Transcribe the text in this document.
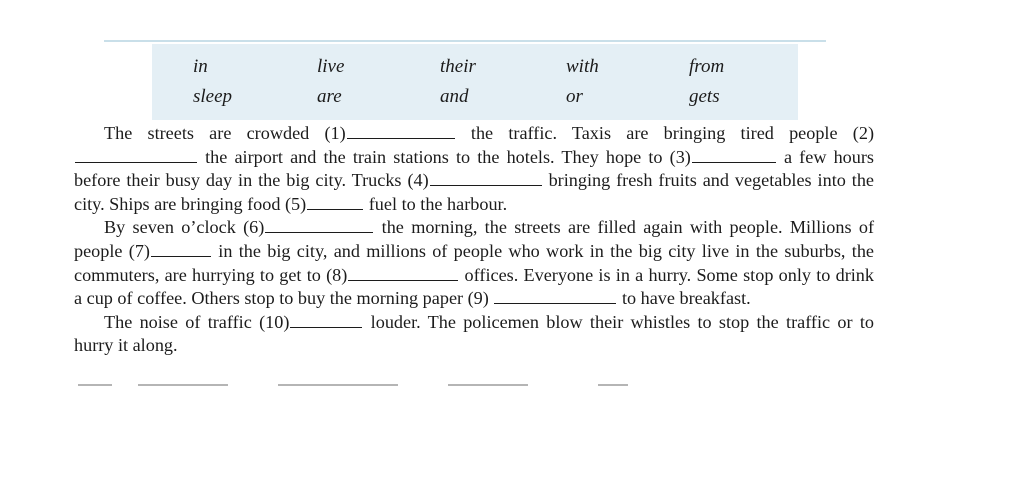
in	live	their	with	from
sleep	are	and	or	gets

The streets are crowded (1)	the traffic. Taxis are bringing tired people (2)  the airport and the train stations to the hotels. They hope to (3)	a few hours before their busy day in the big city. Trucks (4)	bringing fresh fruits and vegetables into the city. Ships are bringing food (5)	fuel to the harbour.

By seven o’clock (6)	the morning, the streets are filled again with people. Millions of people (7)	in the big city, and millions of people who work in the big city live in the suburbs, the commuters, are hurrying to get to (8)	offices. Everyone is in a hurry. Some stop only to drink a cup of coffee. Others stop to buy the morning paper (9)	to have breakfast.

The noise of traffic (10)	louder. The policemen blow their whistles to stop the traffic or to hurry it along.
